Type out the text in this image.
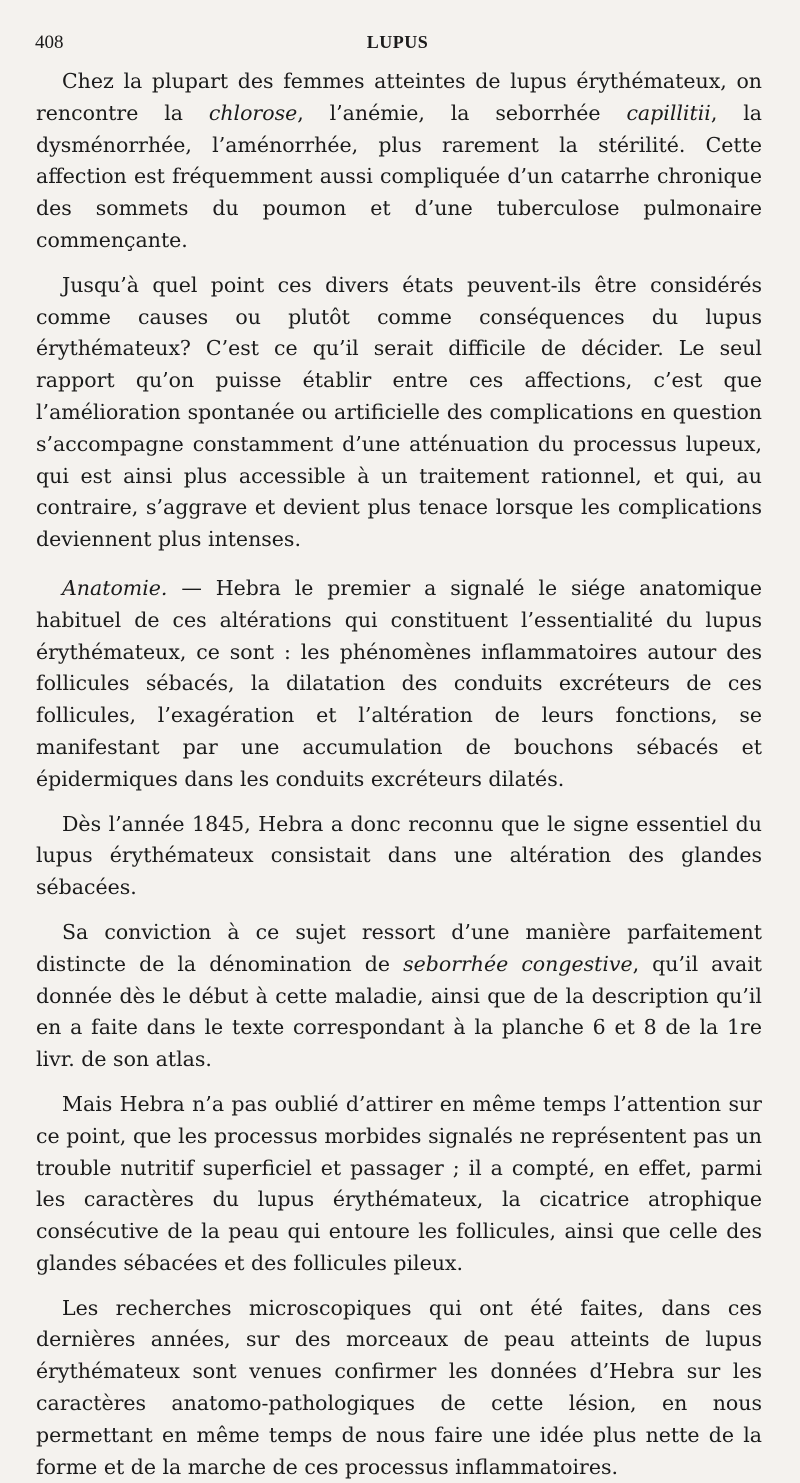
408	LUPUS

Chez la plupart des femmes atteintes de lupus érythémateux, on rencontre la chlorose, l’anémie, la seborrhée capillitii, la dysménorrhée, l’aménorrhée, plus rarement la stérilité. Cette affection est fréquemment aussi compliquée d’un catarrhe chronique des sommets du poumon et d’une tuberculose pulmonaire commençante.

Jusqu’à quel point ces divers états peuvent-ils être considérés comme causes ou plutôt comme conséquences du lupus érythémateux? C’est ce qu’il serait difficile de décider. Le seul rapport qu’on puisse établir entre ces affections, c’est que l’amélioration spontanée ou artificielle des complications en question s’accompagne constamment d’une atténuation du processus lupeux, qui est ainsi plus accessible à un traitement rationnel, et qui, au contraire, s’aggrave et devient plus tenace lorsque les complications deviennent plus intenses.

Anatomie. — Hebra le premier a signalé le siége anatomique habituel de ces altérations qui constituent l’essentialité du lupus érythémateux, ce sont : les phénomènes inflammatoires autour des follicules sébacés, la dilatation des conduits excréteurs de ces follicules, l’exagération et l’altération de leurs fonctions, se manifestant par une accumulation de bouchons sébacés et épidermiques dans les conduits excréteurs dilatés.

Dès l’année 1845, Hebra a donc reconnu que le signe essentiel du lupus érythémateux consistait dans une altération des glandes sébacées.

Sa conviction à ce sujet ressort d’une manière parfaitement distincte de la dénomination de seborrhée congestive, qu’il avait donnée dès le début à cette maladie, ainsi que de la description qu’il en a faite dans le texte correspondant à la planche 6 et 8 de la 1re livr. de son atlas.

Mais Hebra n’a pas oublié d’attirer en même temps l’attention sur ce point, que les processus morbides signalés ne représentent pas un trouble nutritif superficiel et passager ; il a compté, en effet, parmi les caractères du lupus érythémateux, la cicatrice atrophique consécutive de la peau qui entoure les follicules, ainsi que celle des glandes sébacées et des follicules pileux.

Les recherches microscopiques qui ont été faites, dans ces dernières années, sur des morceaux de peau atteints de lupus érythémateux sont venues confirmer les données d’Hebra sur les caractères anatomo-pathologiques de cette lésion, en nous permettant en même temps de nous faire une idée plus nette de la forme et de la marche de ces processus inflammatoires.
